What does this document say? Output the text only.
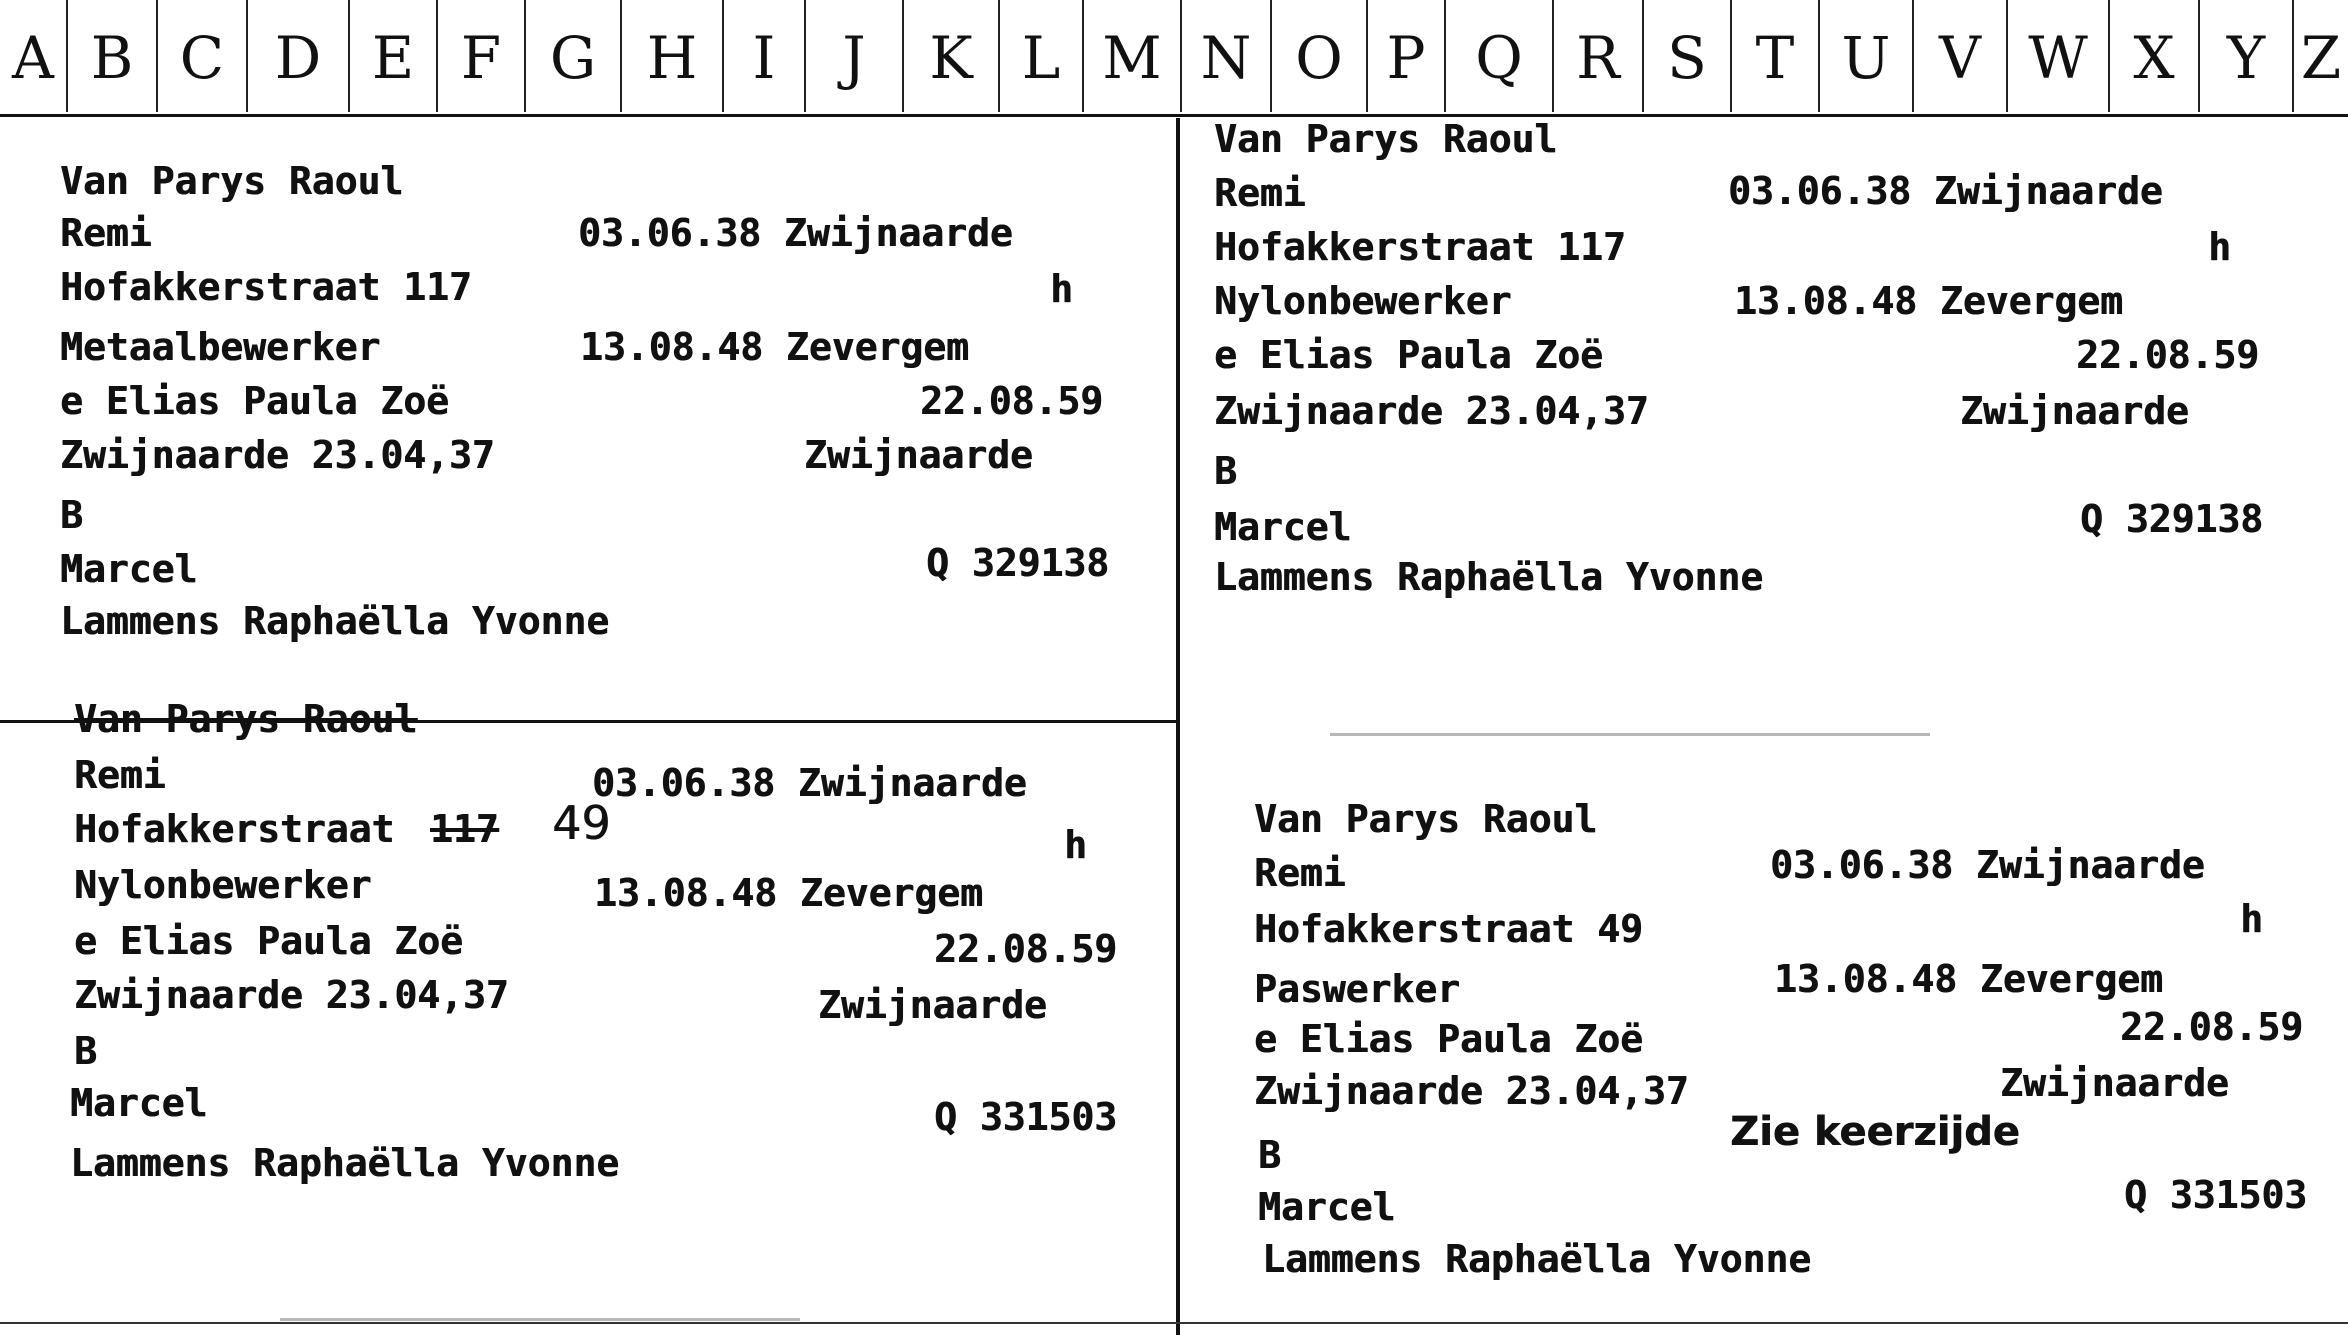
A B C D E F G H I	J	K L M N O P Q R S T U V W X Y Z
Van Parys Raoul
Remi	03.06.38 Zwijnaarde
Hofakkerstraat 117	h
Metaalbewerker	13.08.48 Zevergem
e Elias Paula Zoë	22.08.59
Zwijnaarde 23.04,37	Zwijnaarde
B
Marcel	Q 329138
Lammens Raphaëlla Yvonne
Van Parys Raoul
Remi	03.06.38 Zwijnaarde
Hofakkerstraat 117	h
Nylonbewerker	13.08.48 Zevergem
e Elias Paula Zoë	22.08.59
Zwijnaarde 23.04,37	Zwijnaarde
B
Marcel	Q 329138
Lammens Raphaëlla Yvonne
Van Parys Raoul
Remi	03.06.38 Zwijnaarde
Hofakkerstraat 117 49	h
Nylonbewerker	13.08.48 Zevergem
e Elias Paula Zoë	22.08.59
Zwijnaarde 23.04,37	Zwijnaarde
B
Marcel	Q 331503
Lammens Raphaëlla Yvonne
Van Parys Raoul
Remi	03.06.38 Zwijnaarde
Hofakkerstraat 49	h
Paswerker	13.08.48 Zevergem
e Elias Paula Zoë	22.08.59
Zwijnaarde 23.04,37	Zwijnaarde
Zie keerzijde
B
Marcel	Q 331503
Lammens Raphaëlla Yvonne
